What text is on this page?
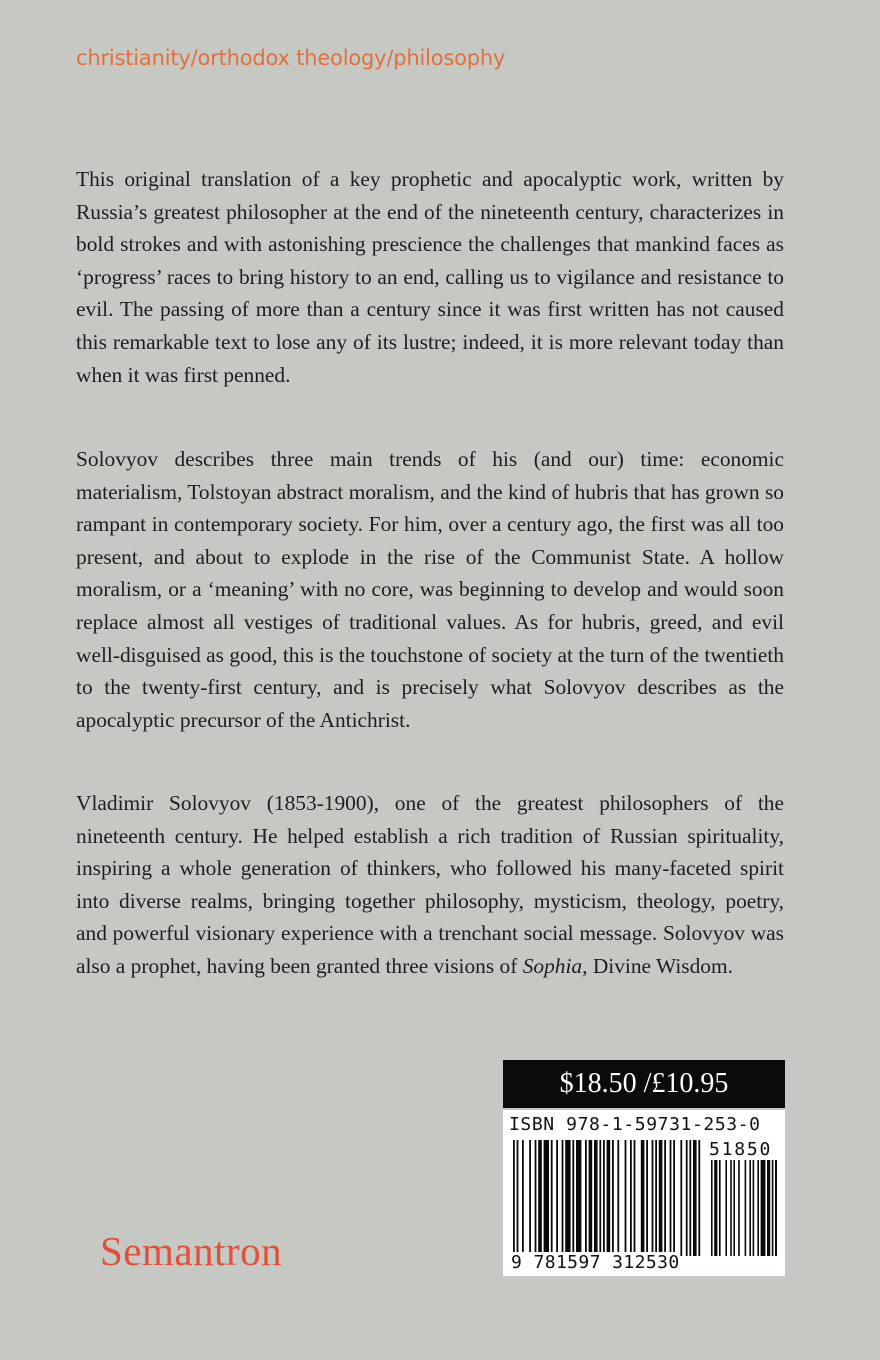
christianity/orthodox theology/philosophy

This original translation of a key prophetic and apocalyptic work, written by Russia’s greatest philosopher at the end of the nineteenth century, characterizes in bold strokes and with astonishing prescience the challenges that mankind faces as ‘progress’ races to bring history to an end, calling us to vigilance and resistance to evil. The passing of more than a century since it was first written has not caused this remarkable text to lose any of its lustre; indeed, it is more relevant today than when it was first penned.

Solovyov describes three main trends of his (and our) time: economic materialism, Tolstoyan abstract moralism, and the kind of hubris that has grown so rampant in contemporary society. For him, over a century ago, the first was all too present, and about to explode in the rise of the Communist State. A hollow moralism, or a ‘meaning’ with no core, was beginning to develop and would soon replace almost all vestiges of traditional values. As for hubris, greed, and evil well-disguised as good, this is the touchstone of society at the turn of the twentieth to the twenty-first century, and is precisely what Solovyov describes as the apocalyptic precursor of the Antichrist.

Vladimir Solovyov (1853-1900), one of the greatest philosophers of the nineteenth century. He helped establish a rich tradition of Russian spirituality, inspiring a whole generation of thinkers, who followed his many-faceted spirit into diverse realms, bringing together philosophy, mysticism, theology, poetry, and powerful visionary experience with a trenchant social message. Solovyov was also a prophet, having been granted three visions of Sophia, Divine Wisdom.

$18.50 /£10.95
ISBN 978-1-59731-253-0
51850
9 781597 312530
Semantron
